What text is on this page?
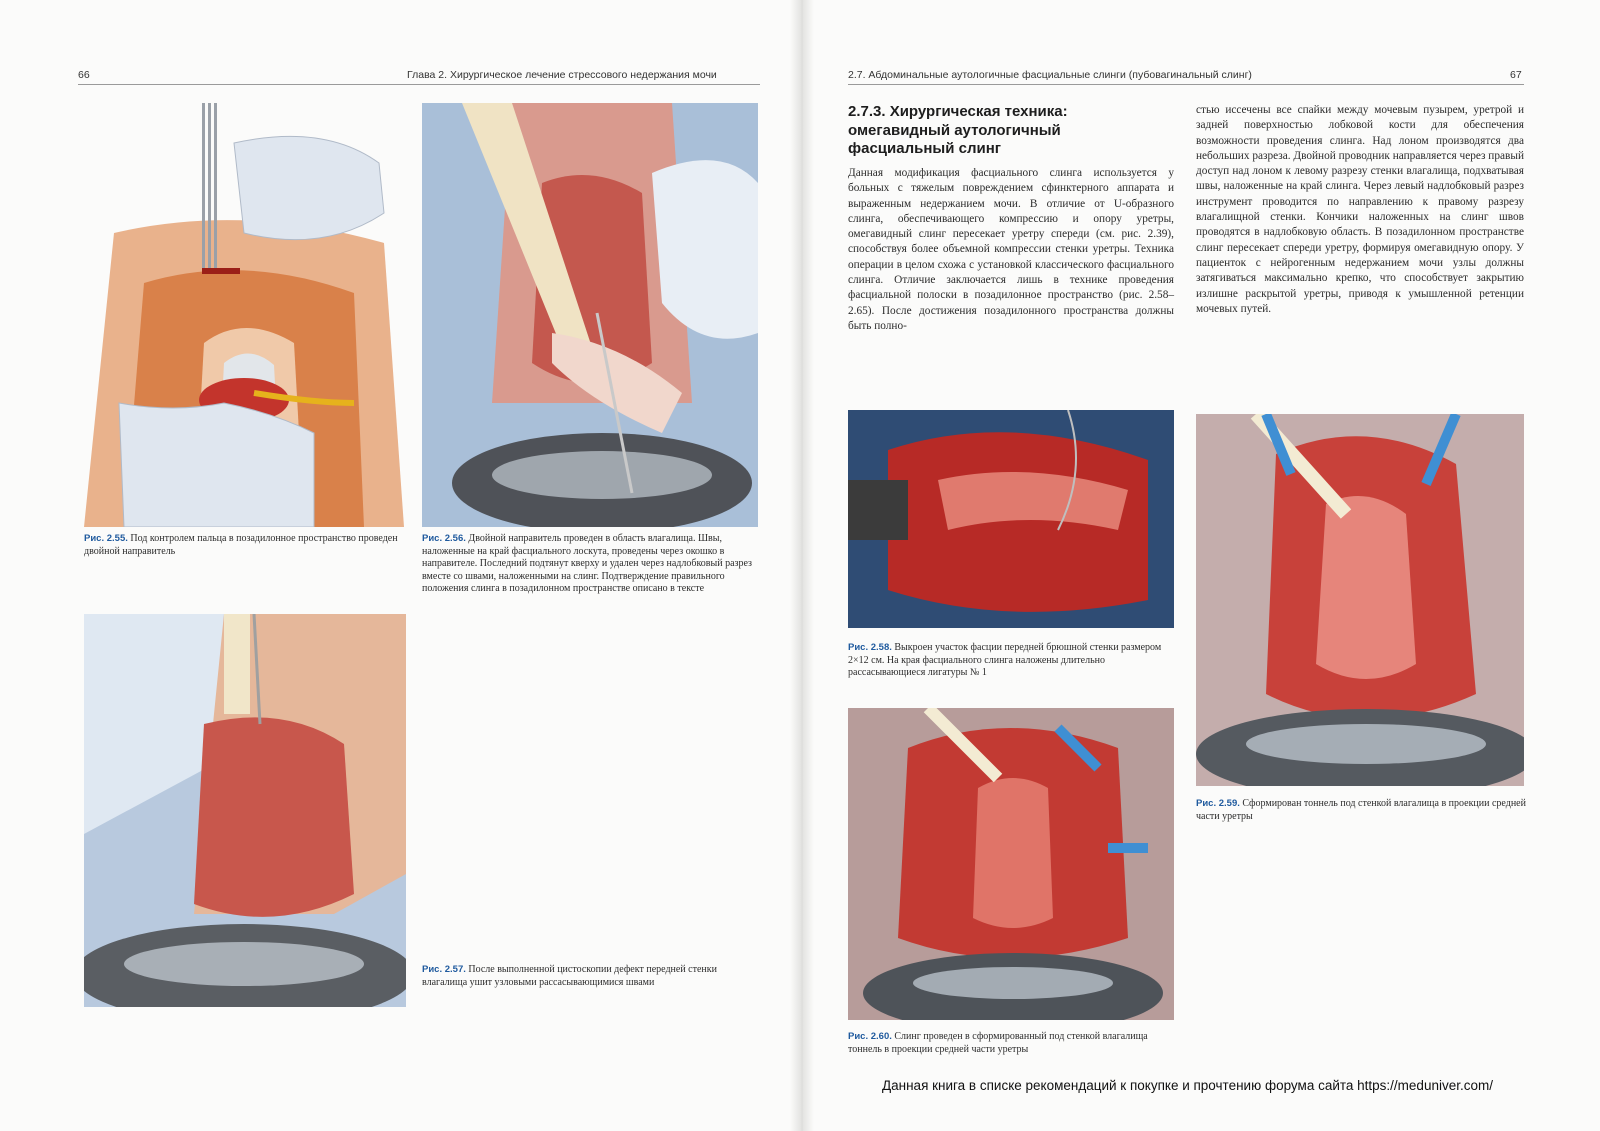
66	Глава 2. Хирургическое лечение стрессового недержания мочи	2.7. Абдоминальные аутологичные фасциальные слинги (пубовагинальный слинг)	67
Рис. 2.55. Под контролем пальца в позадилонное пространство проведен двойной направитель
Рис. 2.56. Двойной направитель проведен в область влагалища. Швы, наложенные на край фасциального лоскута, проведены через окошко в направителе. Последний подтянут кверху и удален через надлобковый разрез вместе со швами, наложенными на слинг. Подтверждение правильного положения слинга в позадилонном пространстве описано в тексте
Рис. 2.57. После выполненной цистоскопии дефект передней стенки влагалища ушит узловыми рассасывающимися швами
2.7.3. Хирургическая техника: омегавидный аутологичный фасциальный слинг

Данная модификация фасциального слинга используется у больных с тяжелым повреждением сфинктерного аппарата и выраженным недержанием мочи. В отличие от U-образного слинга, обеспечивающего компрессию и опору уретры, омегавидный слинг пересекает уретру спереди (см. рис. 2.39), способствуя более объемной компрессии стенки уретры. Техника операции в целом схожа с установкой классического фасциального слинга. Отличие заключается лишь в технике проведения фасциальной полоски в позадилонное пространство (рис. 2.58–2.65). После достижения позадилонного пространства должны быть полно-

стью иссечены все спайки между мочевым пузырем, уретрой и задней поверхностью лобковой кости для обеспечения возможности проведения слинга. Над лоном производятся два небольших разреза. Двойной проводник направляется через правый доступ над лоном к левому разрезу стенки влагалища, подхватывая швы, наложенные на край слинга. Через левый надлобковый разрез инструмент проводится по направлению к правому разрезу влагалищной стенки. Кончики наложенных на слинг швов проводятся в надлобковую область. В позадилонном пространстве слинг пересекает спереди уретру, формируя омегавидную опору. У пациенток с нейрогенным недержанием мочи узлы должны затягиваться максимально крепко, что способствует закрытию излишне раскрытой уретры, приводя к умышленной ретенции мочевых путей.

Рис. 2.58. Выкроен участок фасции передней брюшной стенки размером 2×12 см. На края фасциального слинга наложены длительно рассасывающиеся лигатуры № 1
Рис. 2.59. Сформирован тоннель под стенкой влагалища в проекции средней части уретры
Рис. 2.60. Слинг проведен в сформированный под стенкой влагалища тоннель в проекции средней части уретры
Данная книга в списке рекомендаций к покупке и прочтению форума сайта https://meduniver.com/
